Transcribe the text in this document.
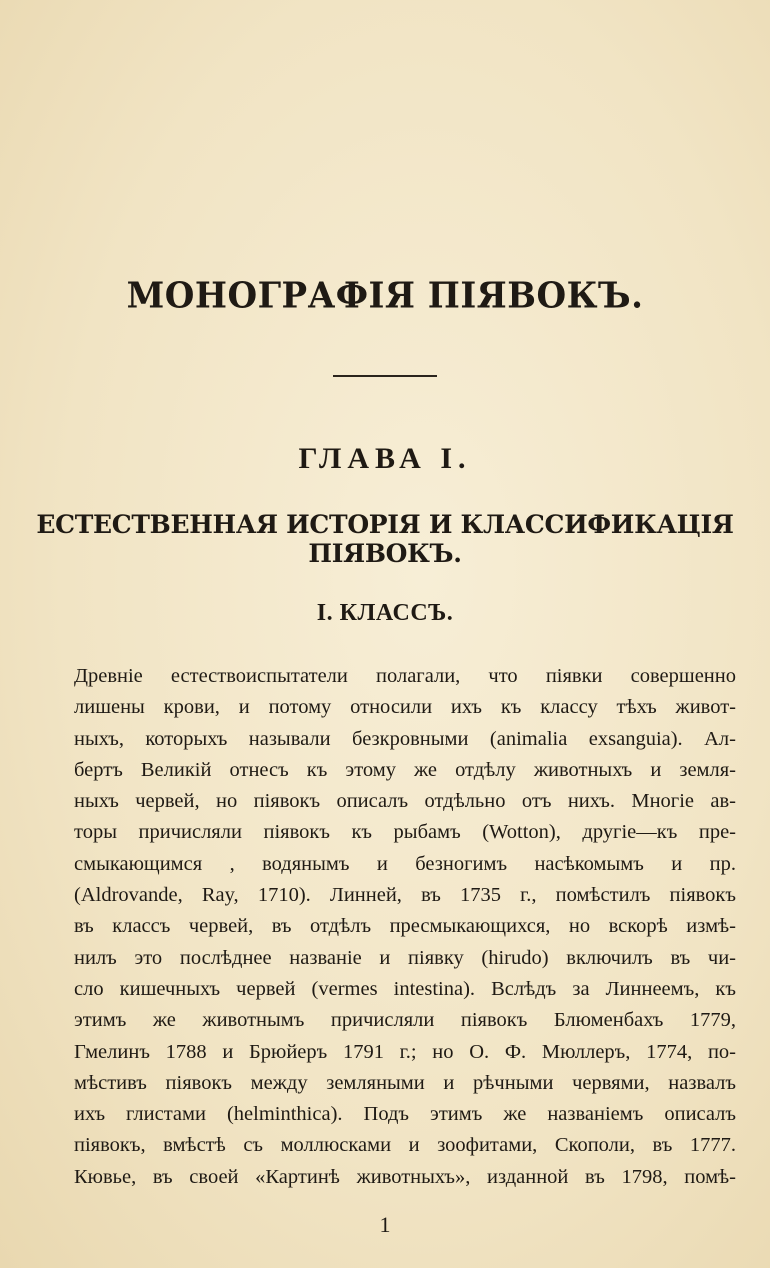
МОНОГРАФІЯ ПІЯВОКЪ.
ГЛАВА I.
ЕСТЕСТВЕННАЯ ИСТОРІЯ И КЛАССИФИКАЦІЯ ПІЯВОКЪ.
I. КЛАССЪ.
Древніе естествоиспытатели полагали, что піявки совершенно
лишены крови, и потому относили ихъ къ классу тѣхъ живот-
ныхъ, которыхъ называли безкровными (animalia exsanguia). Ал-
бертъ Великій отнесъ къ этому же отдѣлу животныхъ и земля-
ныхъ червей, но піявокъ описалъ отдѣльно отъ нихъ. Многіе ав-
торы причисляли піявокъ къ рыбамъ (Wotton), другіе—къ пре-
смыкающимся , водянымъ и безногимъ насѣкомымъ и пр.
(Aldrovande, Ray, 1710). Линней, въ 1735 г., помѣстилъ піявокъ
въ классъ червей, въ отдѣлъ пресмыкающихся, но вскорѣ измѣ-
нилъ это послѣднее названіе и піявку (hirudo) включилъ въ чи-
сло кишечныхъ червей (vermes intestina). Вслѣдъ за Линнеемъ, къ
этимъ же животнымъ причисляли піявокъ Блюменбахъ 1779,
Гмелинъ 1788 и Брюйеръ 1791 г.; но О. Ф. Мюллеръ, 1774, по-
мѣстивъ піявокъ между земляными и рѣчными червями, назвалъ
ихъ глистами (helminthica). Подъ этимъ же названіемъ описалъ
піявокъ, вмѣстѣ съ моллюсками и зоофитами, Скополи, въ 1777.
Кювье, въ своей «Картинѣ животныхъ», изданной въ 1798, помѣ-
1
